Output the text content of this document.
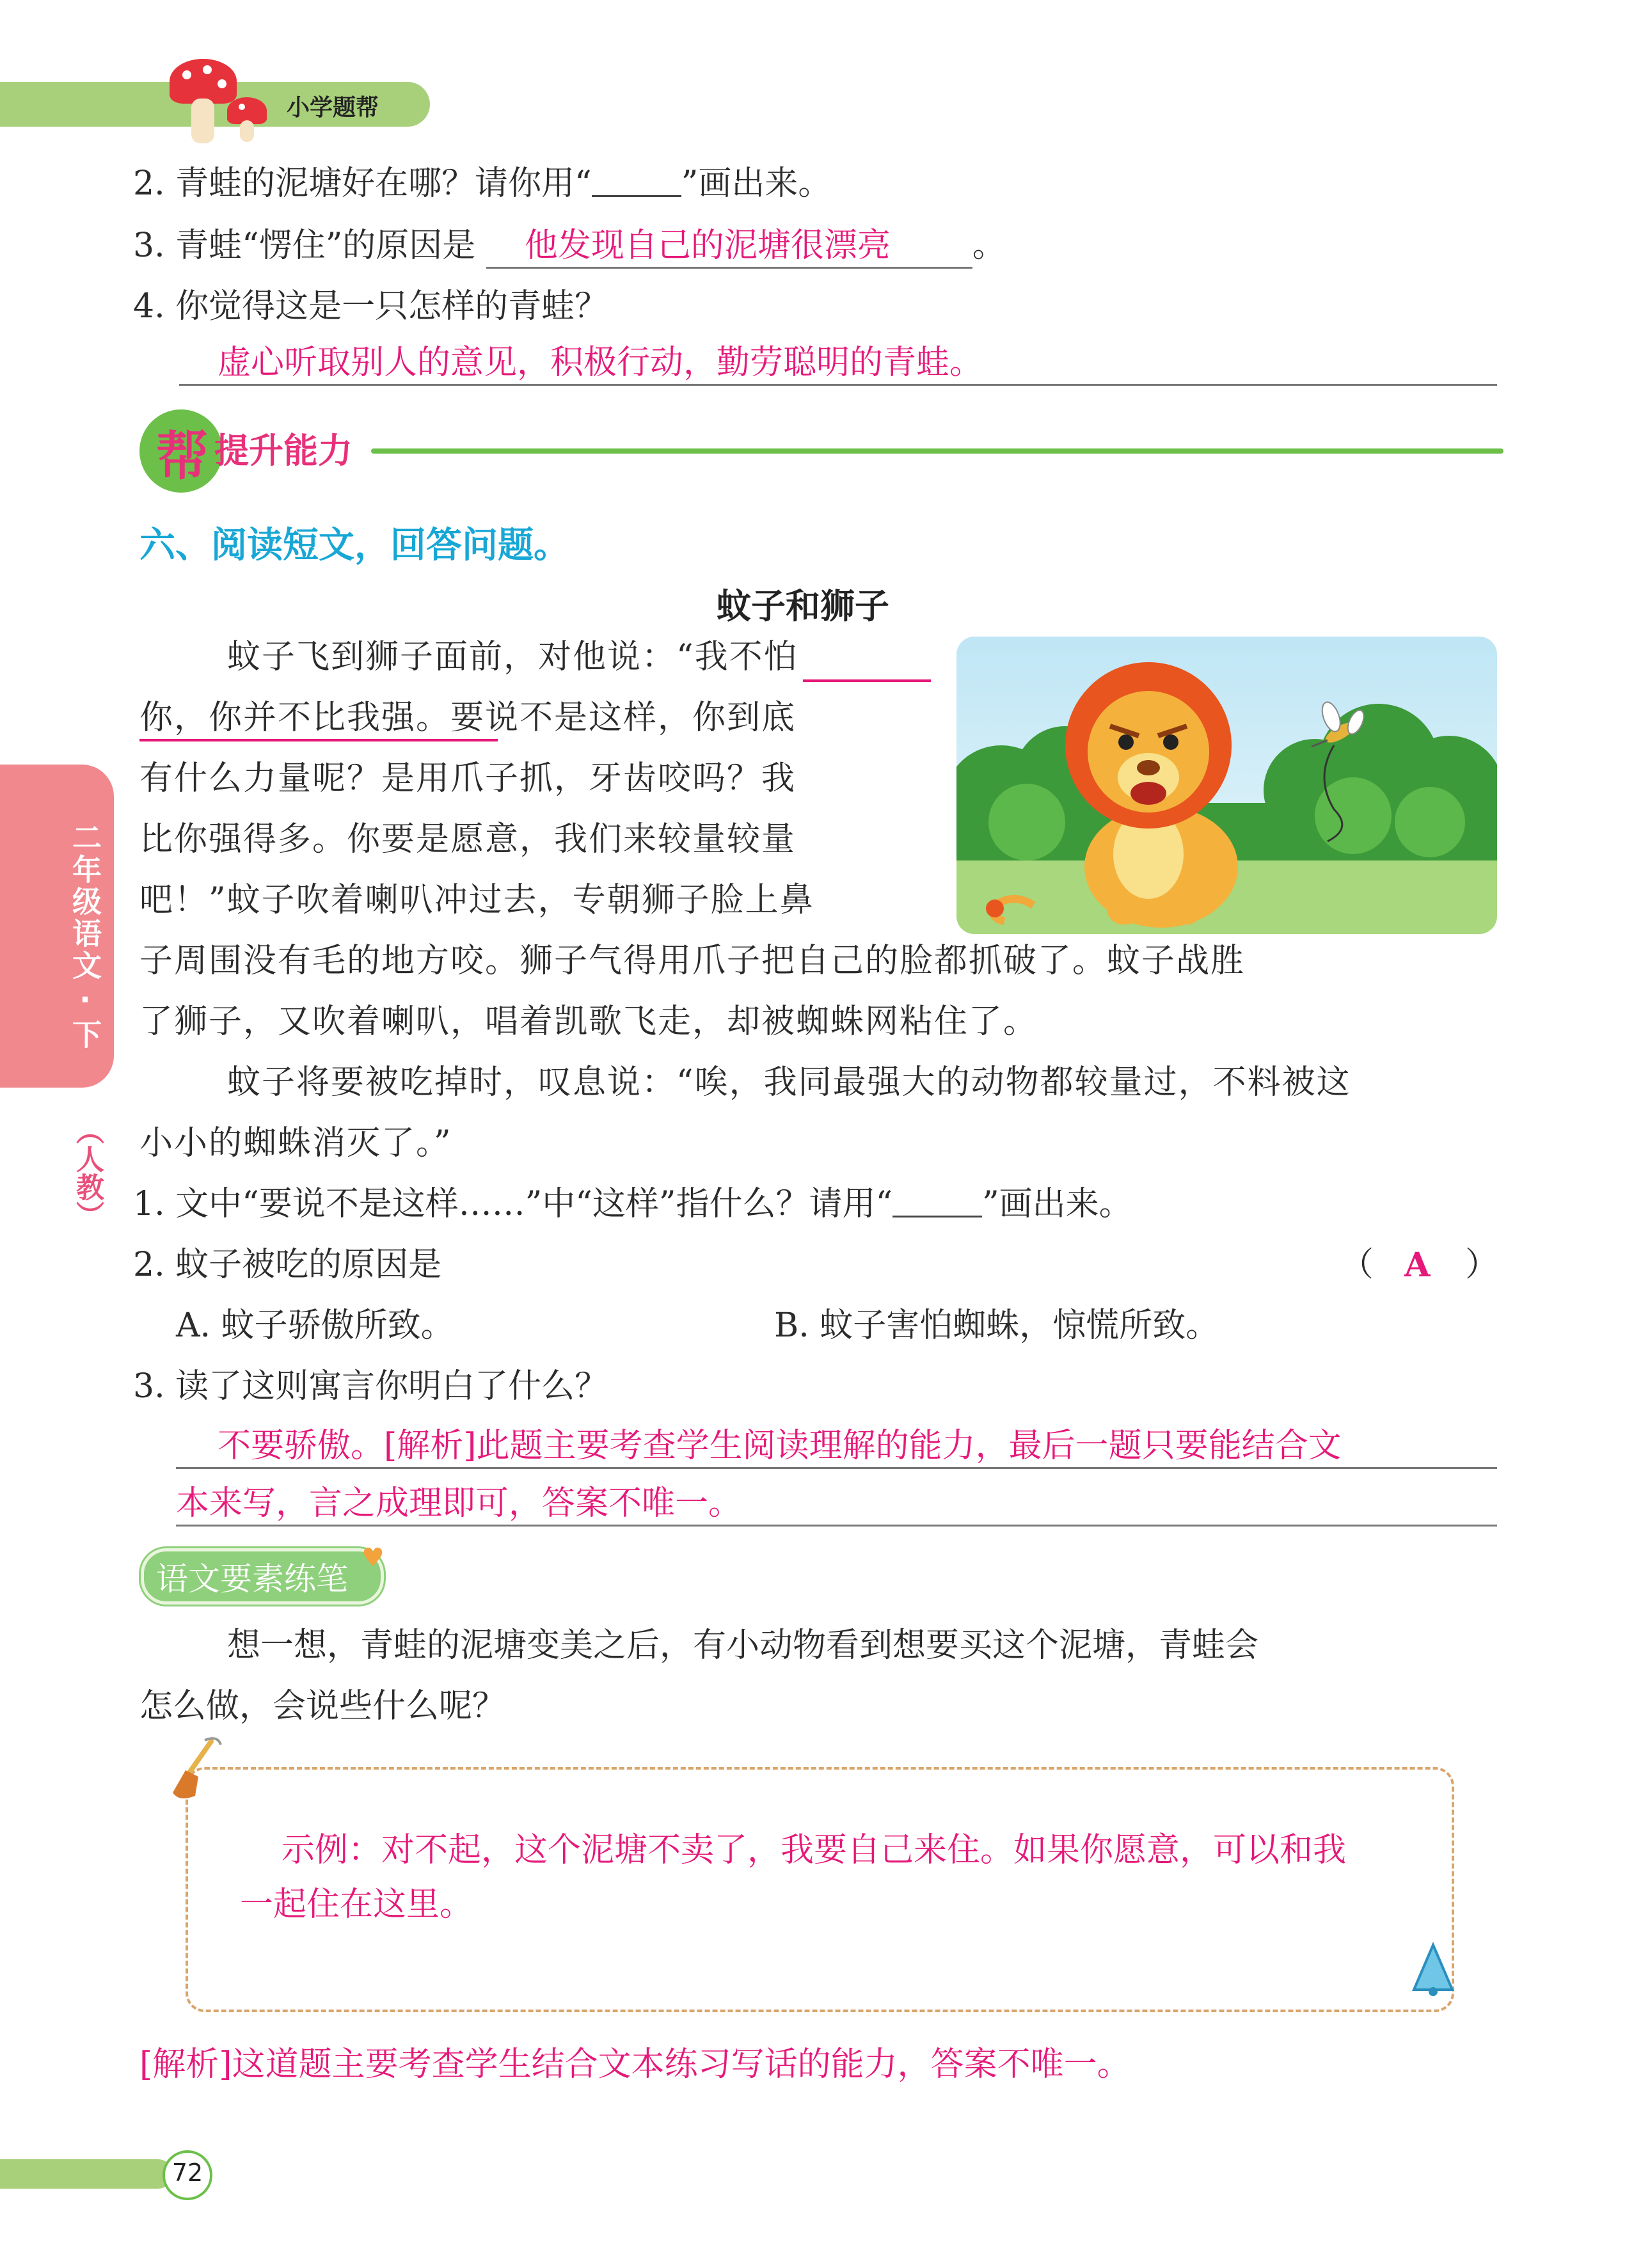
小学题帮
2. 青蛙的泥塘好在哪？请你用“	”画出来。
3. 青蛙“愣住”的原因是 他发现自己的泥塘很漂亮 。
4. 你觉得这是一只怎样的青蛙？
虚心听取别人的意见，积极行动，勤劳聪明的青蛙。
帮 提升能力
六、阅读短文，回答问题。
蚊子和狮子
蚊子飞到狮子面前，对他说：“我不怕
你，你并不比我强。要说不是这样，你到底
有什么力量呢？是用爪子抓，牙齿咬吗？我
比你强得多。你要是愿意，我们来较量较量
吧！”蚊子吹着喇叭冲过去，专朝狮子脸上鼻
子周围没有毛的地方咬。狮子气得用爪子把自己的脸都抓破了。蚊子战胜
了狮子，又吹着喇叭，唱着凯歌飞走，却被蜘蛛网粘住了。
蚊子将要被吃掉时，叹息说：“唉，我同最强大的动物都较量过，不料被这
小小的蜘蛛消灭了。”
1. 文中“要说不是这样……”中“这样”指什么？请用“	”画出来。
2. 蚊子被吃的原因是	（ A ）
A. 蚊子骄傲所致。	B. 蚊子害怕蜘蛛，惊慌所致。
3. 读了这则寓言你明白了什么？
不要骄傲。[解析]此题主要考查学生阅读理解的能力，最后一题只要能结合文
本来写，言之成理即可，答案不唯一。
语文要素练笔
♥
想一想，青蛙的泥塘变美之后，有小动物看到想要买这个泥塘，青蛙会
怎么做，会说些什么呢？
示例：对不起，这个泥塘不卖了，我要自己来住。如果你愿意，可以和我
一起住在这里。
[解析]这道题主要考查学生结合文本练习写话的能力，答案不唯一。
二年级语文·下
（人教）
72
